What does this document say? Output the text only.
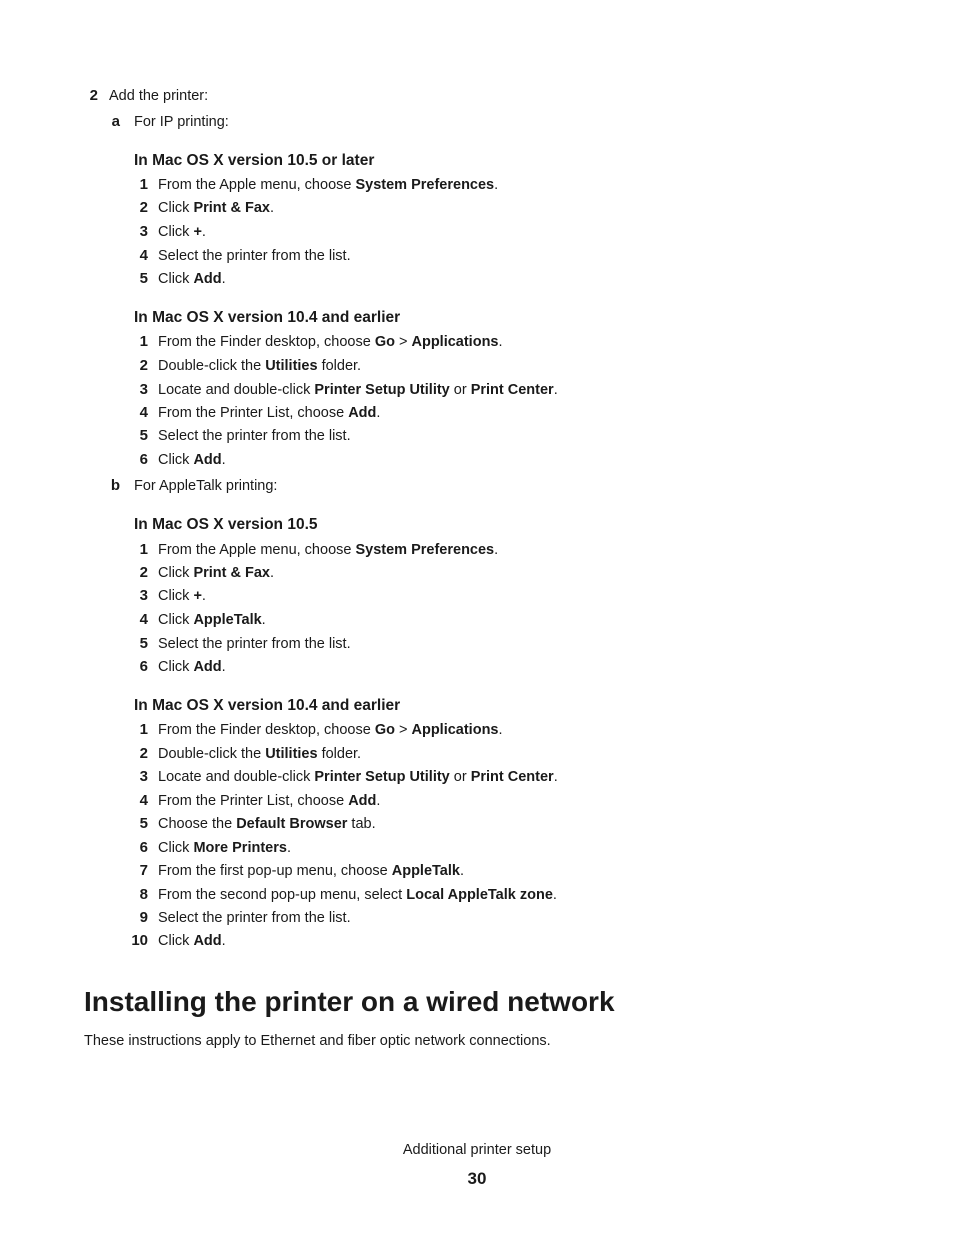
2 Add the printer:
a For IP printing:
In Mac OS X version 10.5 or later
1 From the Apple menu, choose System Preferences.
2 Click Print & Fax.
3 Click +.
4 Select the printer from the list.
5 Click Add.
In Mac OS X version 10.4 and earlier
1 From the Finder desktop, choose Go > Applications.
2 Double-click the Utilities folder.
3 Locate and double-click Printer Setup Utility or Print Center.
4 From the Printer List, choose Add.
5 Select the printer from the list.
6 Click Add.
b For AppleTalk printing:
In Mac OS X version 10.5
1 From the Apple menu, choose System Preferences.
2 Click Print & Fax.
3 Click +.
4 Click AppleTalk.
5 Select the printer from the list.
6 Click Add.
In Mac OS X version 10.4 and earlier
1 From the Finder desktop, choose Go > Applications.
2 Double-click the Utilities folder.
3 Locate and double-click Printer Setup Utility or Print Center.
4 From the Printer List, choose Add.
5 Choose the Default Browser tab.
6 Click More Printers.
7 From the first pop-up menu, choose AppleTalk.
8 From the second pop-up menu, select Local AppleTalk zone.
9 Select the printer from the list.
10 Click Add.
Installing the printer on a wired network
These instructions apply to Ethernet and fiber optic network connections.
Additional printer setup
30
